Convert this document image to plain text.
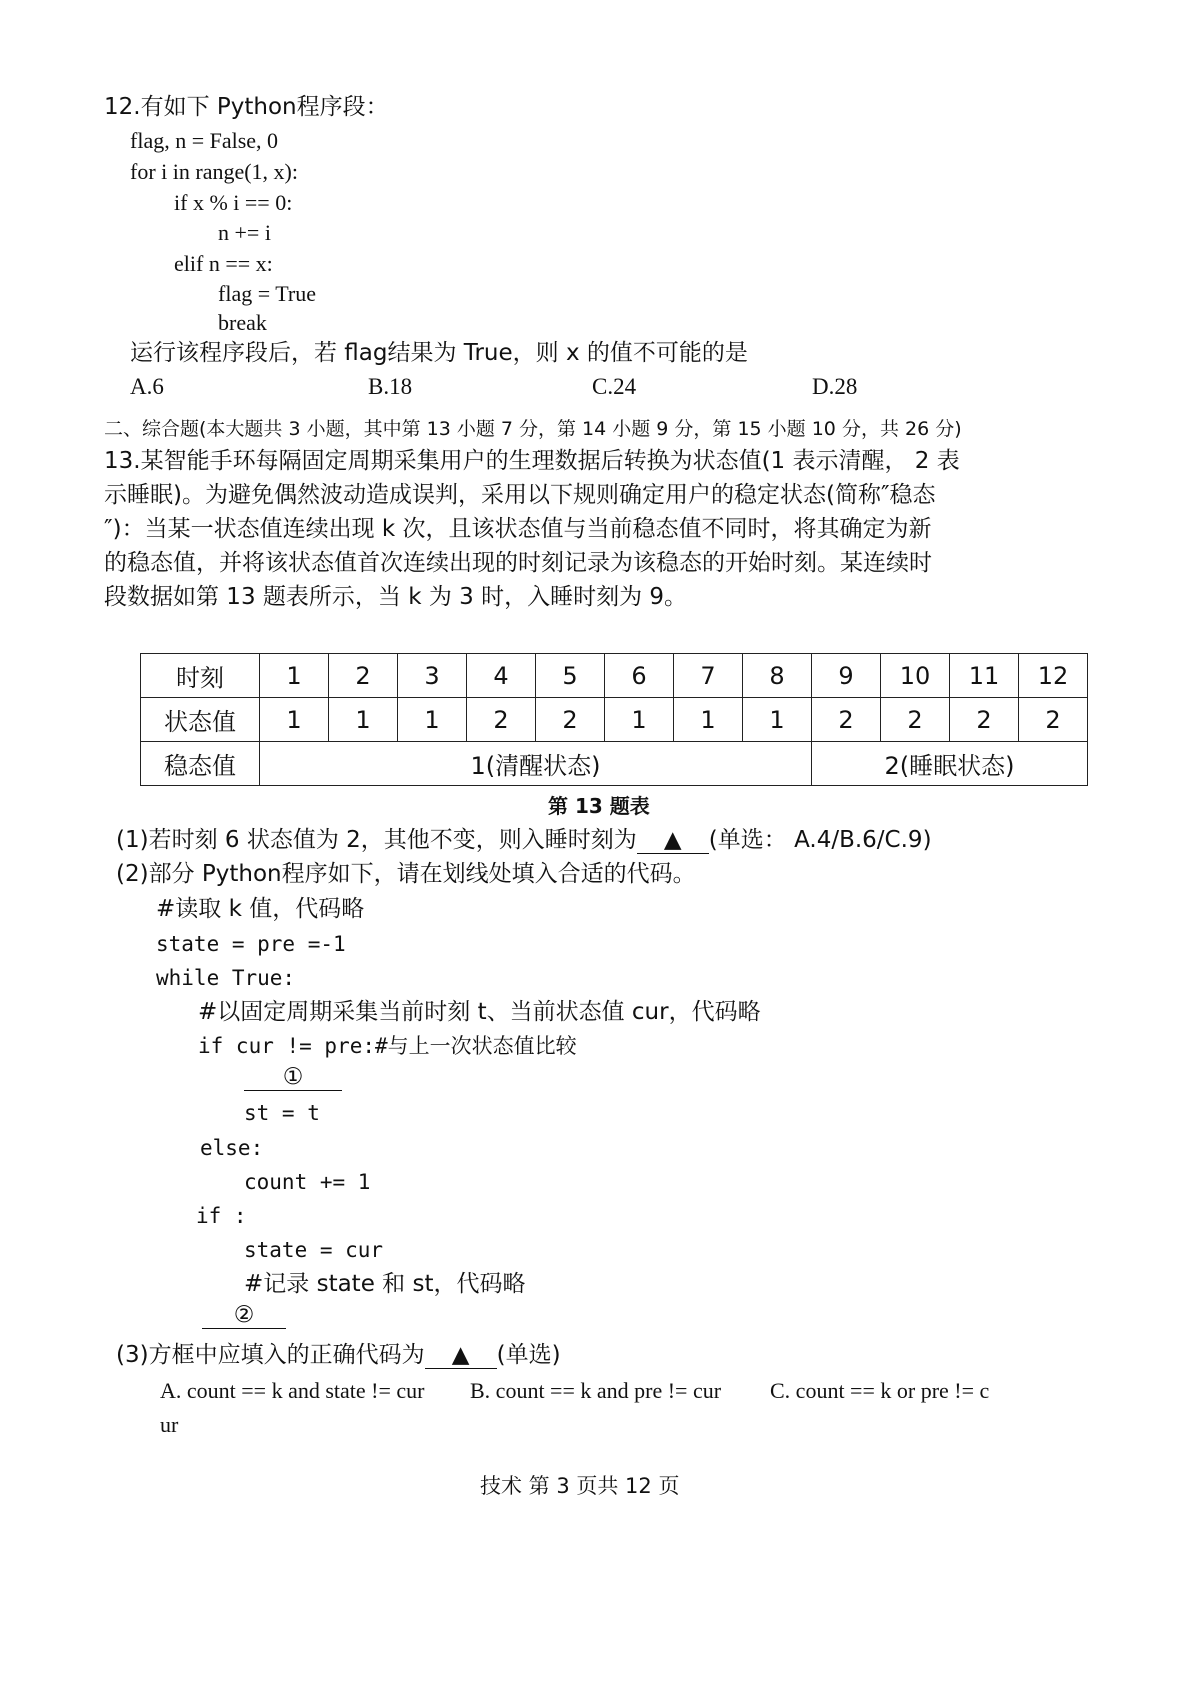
12.有如下 Python程序段：
flag, n = False, 0
for i in range(1, x):
if x % i == 0:
n += i
elif n == x:
flag = True
break
运行该程序段后，若 flag结果为 True，则 x 的值不可能的是
A.6	B.18	C.24	D.28
二、综合题(本大题共 3 小题，其中第 13 小题 7 分，第 14 小题 9 分，第 15 小题 10 分，共 26 分)
13.某智能手环每隔固定周期采集用户的生理数据后转换为状态值(1 表示清醒， 2 表
示睡眠)。为避免偶然波动造成误判，采用以下规则确定用户的稳定状态(简称″稳态
″)：当某一状态值连续出现 k 次，且该状态值与当前稳态值不同时，将其确定为新
的稳态值，并将该状态值首次连续出现的时刻记录为该稳态的开始时刻。某连续时
段数据如第 13 题表所示，当 k 为 3 时，入睡时刻为 9。
时刻	1	2	3	4	5	6	7	8	9	10	11	12
状态值	1	1	1	2	2	1	1	1	2	2	2	2
稳态值	1(清醒状态)								2(睡眠状态)			
第 13 题表
(1)若时刻 6 状态值为 2，其他不变，则入睡时刻为 ▲ (单选： A.4/B.6/C.9)
(2)部分 Python程序如下，请在划线处填入合适的代码。
#读取 k 值，代码略
state = pre =-1
while True:
#以固定周期采集当前时刻 t、当前状态值 cur，代码略
if cur != pre:#与上一次状态值比较
①
st = t
else:
count += 1
if :
state = cur
#记录 state 和 st，代码略
②
(3)方框中应填入的正确代码为 ▲ (单选)
A. count == k and state != cur B. count == k and pre != cur C. count == k or pre != c
ur
技术 第 3 页共 12 页
